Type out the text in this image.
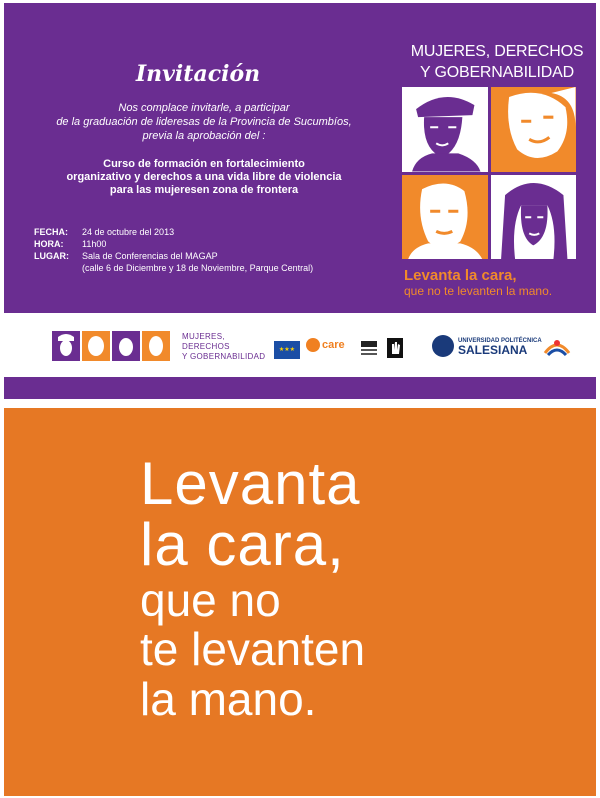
Invitación
Nos complace invitarle, a participar
de la graduación de lideresas de la Provincia de Sucumbíos,
previa la aprobación del :
Curso de formación en fortalecimiento
organizativo y derechos a una vida libre de violencia
para las mujeresen zona de frontera
FECHA:	24 de octubre del 2013
HORA:	11h00
LUGAR:	Sala de Conferencias del MAGAP
(calle 6 de Diciembre y 18 de Noviembre, Parque Central)
MUJERES, DERECHOS
Y GOBERNABILIDAD
Levanta la cara,
que no te levanten la mano.
MUJERES,
DERECHOS
Y GOBERNABILIDAD
★★★	care	UNIVERSIDAD POLITÉCNICA
SALESIANA
Levanta
la cara,
que no
te levanten
la mano.
